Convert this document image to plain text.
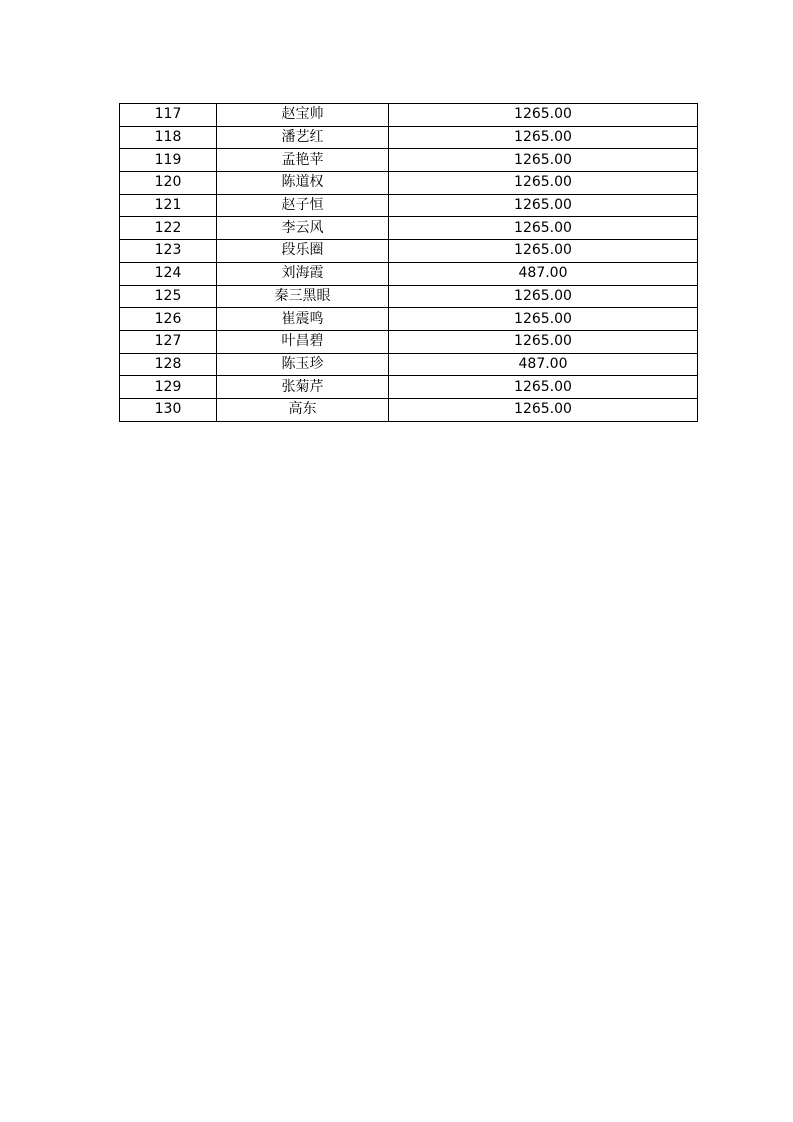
117	赵宝帅	1265.00
118	潘艺红	1265.00
119	孟艳苹	1265.00
120	陈道权	1265.00
121	赵子恒	1265.00
122	李云风	1265.00
123	段乐圈	1265.00
124	刘海霞	487.00
125	秦三黑眼	1265.00
126	崔震鸣	1265.00
127	叶昌碧	1265.00
128	陈玉珍	487.00
129	张菊芹	1265.00
130	高东	1265.00
